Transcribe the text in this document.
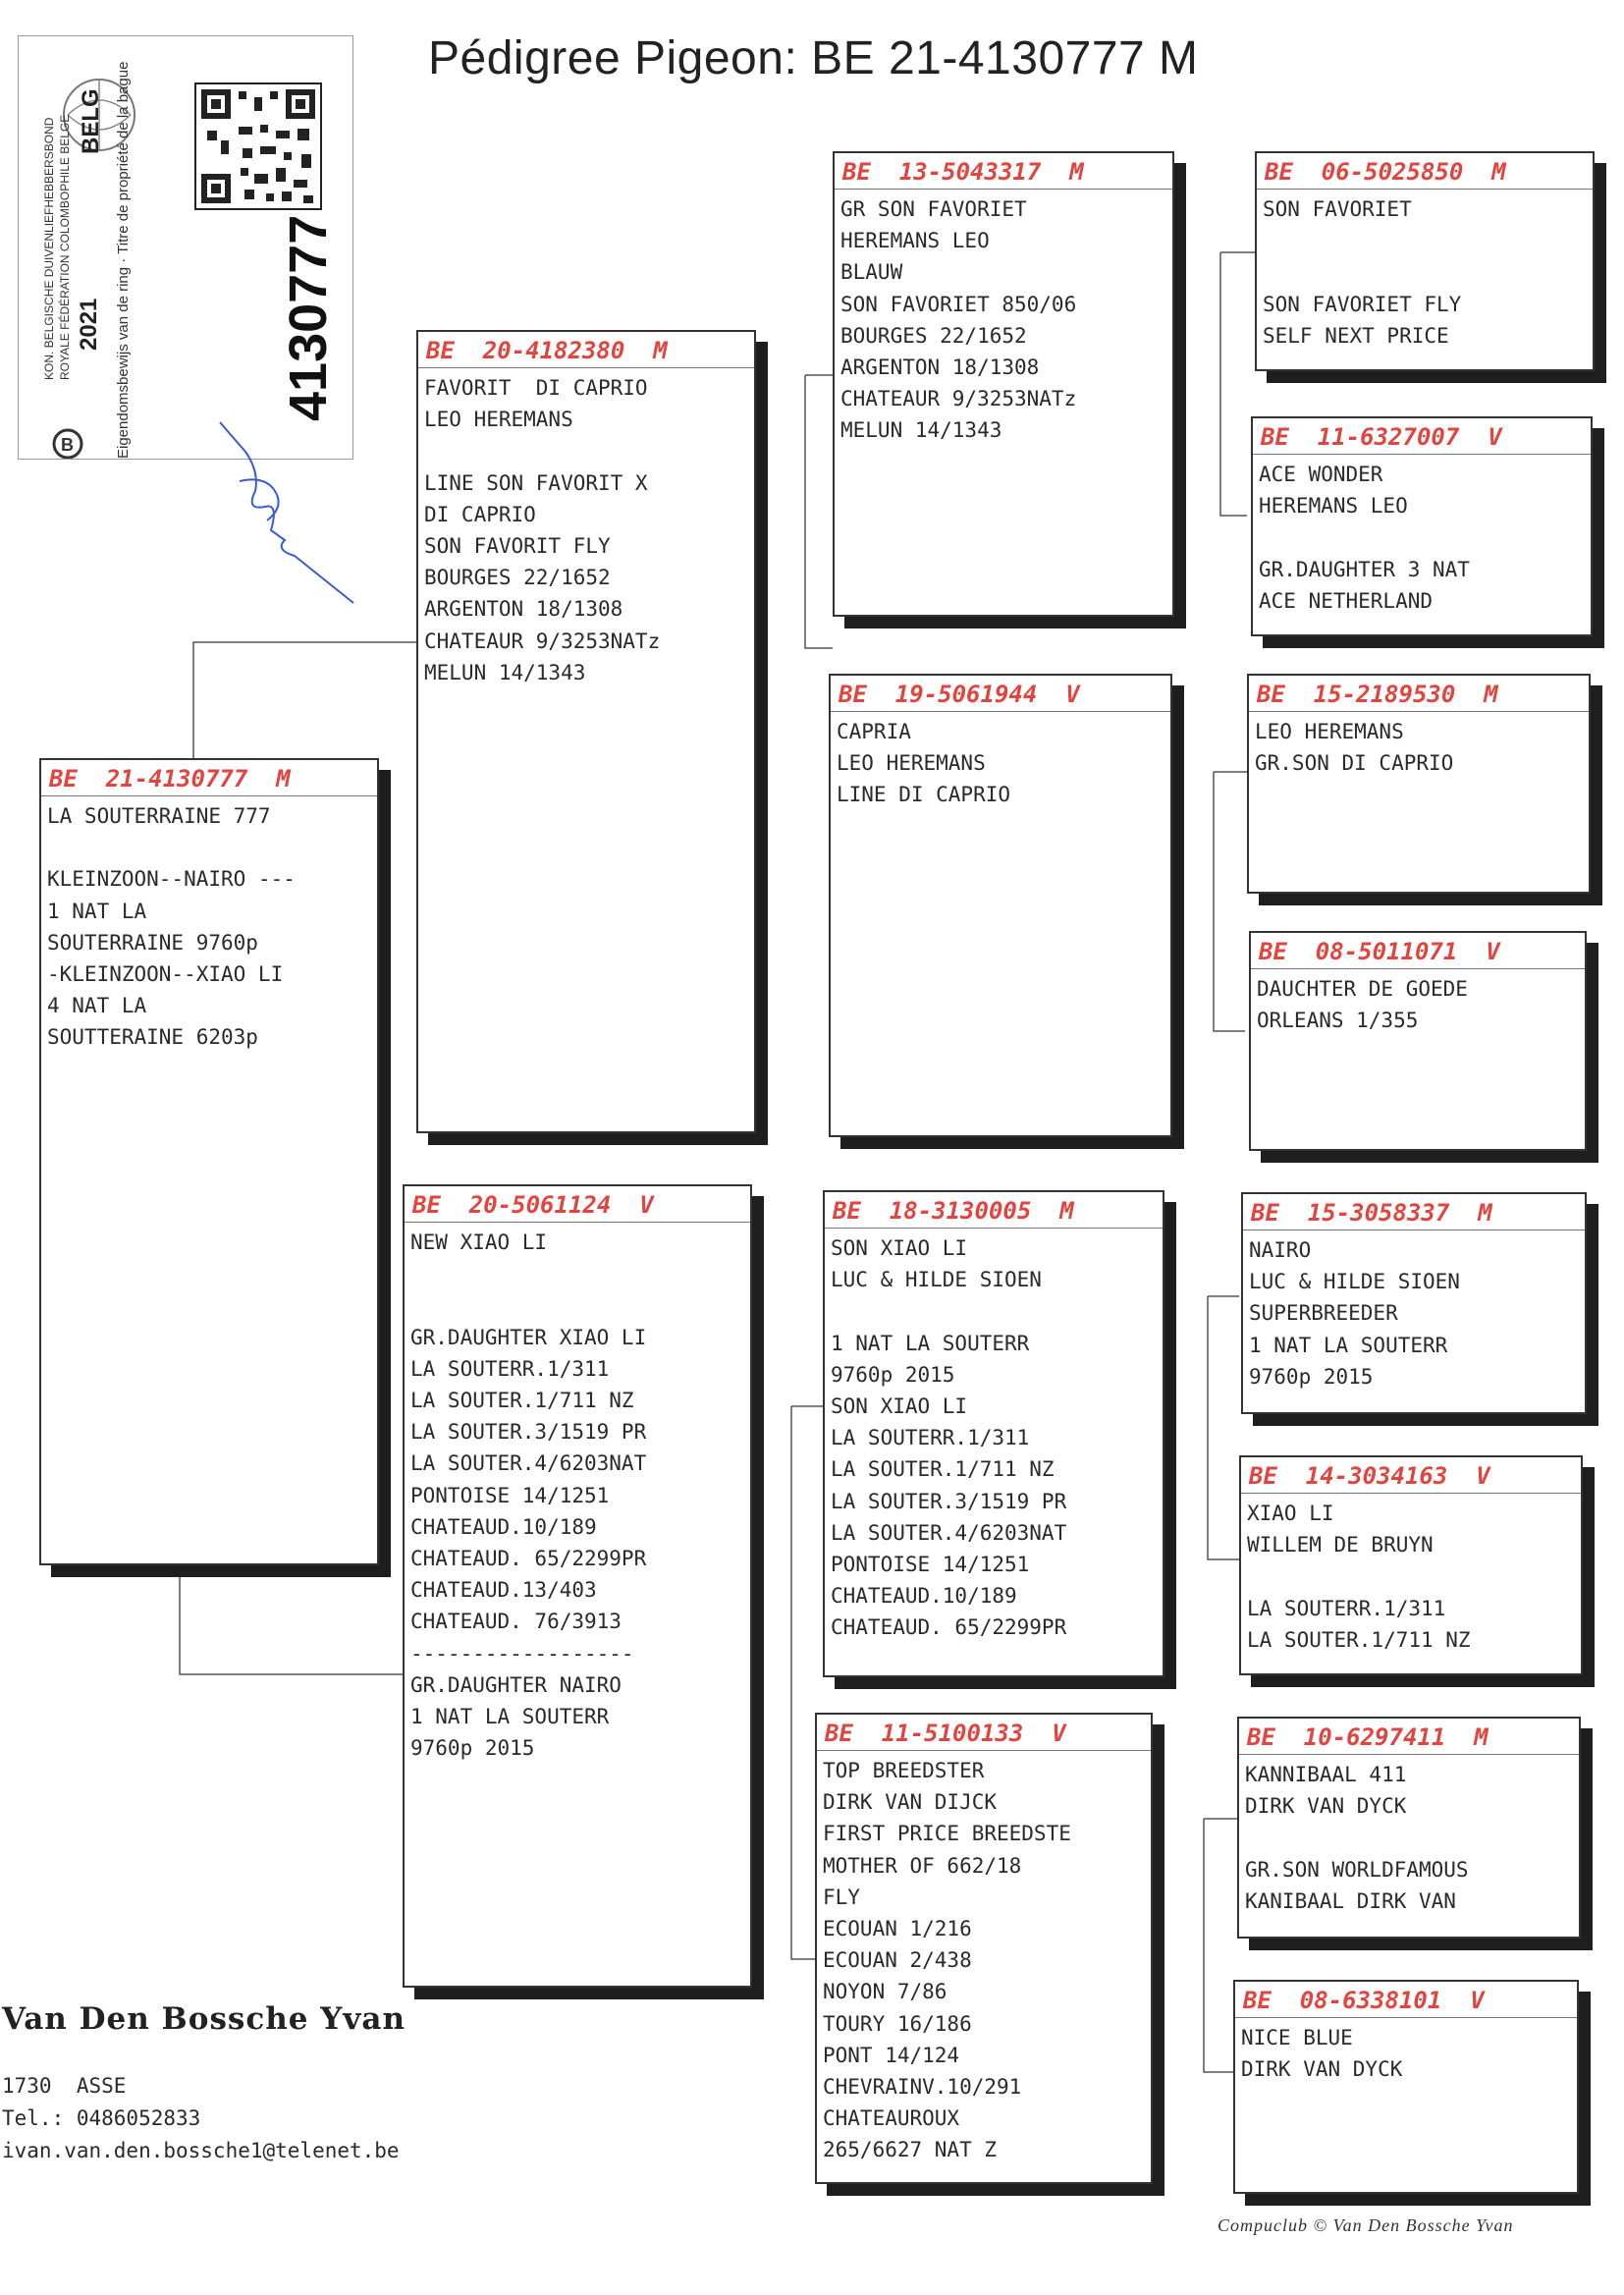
Pédigree Pigeon: BE 21-4130777 M
B
KON. BELGISCHE DUIVENLIEFHEBBERSBOND ROYALE FÉDÉRATION COLOMBOPHILE BELGE 2021
BELG Eigendomsbewijs van de ring · Titre de propriété de la bague	4130777
BE  21-4130777  M
LA SOUTERRAINE 777
KLEINZOON--NAIRO ---
1 NAT LA
SOUTERRAINE 9760p
-KLEINZOON--XIAO LI
4 NAT LA
SOUTTERAINE 6203p
BE  20-4182380  M
FAVORIT  DI CAPRIO
LEO HEREMANS
LINE SON FAVORIT X
DI CAPRIO
SON FAVORIT FLY
BOURGES 22/1652
ARGENTON 18/1308
CHATEAUR 9/3253NATz
MELUN 14/1343
BE  20-5061124  V
NEW XIAO LI
GR.DAUGHTER XIAO LI
LA SOUTERR.1/311
LA SOUTER.1/711 NZ
LA SOUTER.3/1519 PR
LA SOUTER.4/6203NAT
PONTOISE 14/1251
CHATEAUD.10/189
CHATEAUD. 65/2299PR
CHATEAUD.13/403
CHATEAUD. 76/3913
------------------
GR.DAUGHTER NAIRO
1 NAT LA SOUTERR
9760p 2015
BE  13-5043317  M
GR SON FAVORIET
HEREMANS LEO
BLAUW
SON FAVORIET 850/06
BOURGES 22/1652
ARGENTON 18/1308
CHATEAUR 9/3253NATz
MELUN 14/1343
BE  19-5061944  V
CAPRIA
LEO HEREMANS
LINE DI CAPRIO
BE  18-3130005  M
SON XIAO LI
LUC & HILDE SIOEN
1 NAT LA SOUTERR
9760p 2015
SON XIAO LI
LA SOUTERR.1/311
LA SOUTER.1/711 NZ
LA SOUTER.3/1519 PR
LA SOUTER.4/6203NAT
PONTOISE 14/1251
CHATEAUD.10/189
CHATEAUD. 65/2299PR
BE  11-5100133  V
TOP BREEDSTER
DIRK VAN DIJCK
FIRST PRICE BREEDSTE
MOTHER OF 662/18
FLY
ECOUAN 1/216
ECOUAN 2/438
NOYON 7/86
TOURY 16/186
PONT 14/124
CHEVRAINV.10/291
CHATEAUROUX
265/6627 NAT Z
BE  06-5025850  M
SON FAVORIET
SON FAVORIET FLY
SELF NEXT PRICE
BE  11-6327007  V
ACE WONDER
HEREMANS LEO
GR.DAUGHTER 3 NAT
ACE NETHERLAND
BE  15-2189530  M
LEO HEREMANS
GR.SON DI CAPRIO
BE  08-5011071  V
DAUCHTER DE GOEDE
ORLEANS 1/355
BE  15-3058337  M
NAIRO
LUC & HILDE SIOEN
SUPERBREEDER
1 NAT LA SOUTERR
9760p 2015
BE  14-3034163  V
XIAO LI
WILLEM DE BRUYN
LA SOUTERR.1/311
LA SOUTER.1/711 NZ
BE  10-6297411  M
KANNIBAAL 411
DIRK VAN DYCK
GR.SON WORLDFAMOUS
KANIBAAL DIRK VAN
BE  08-6338101  V
NICE BLUE
DIRK VAN DYCK
Van Den Bossche Yvan
1730  ASSE
Tel.: 0486052833
ivan.van.den.bossche1@telenet.be
Compuclub © Van Den Bossche Yvan
